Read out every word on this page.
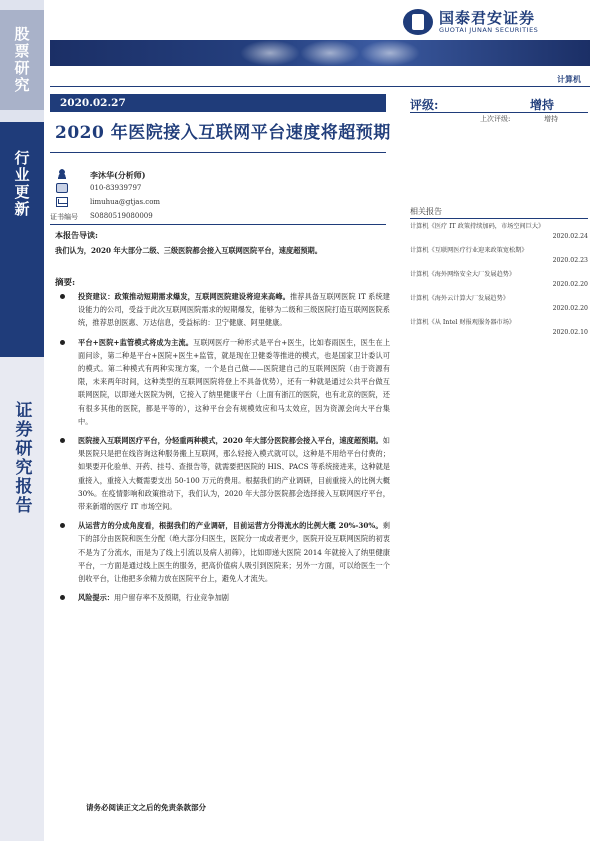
股票研究
行业更新
证券研究报告
国泰君安证券
GUOTAI JUNAN SECURITIES
计算机
2020.02.27
2020 年医院接入互联网平台速度将超预期
评级:	增持
上次评级:	增持
李沐华(分析师)
010-83939797
limuhua@gtjas.com
证书编号 S0880519080009
本报告导读:
我们认为，2020 年大部分二级、三级医院都会接入互联网医院平台，速度超预期。
摘要:
投资建议：政策推动短期需求爆发，互联网医院建设将迎来高峰。推荐具备互联网医院 IT 系统建设能力的公司，受益于此次互联网医院需求的短期爆发，能够为二级和三级医院打造互联网医院系统，推荐思创医惠、万达信息，受益标的：卫宁健康、阿里健康。
平台+医院+监管模式将成为主流。互联网医疗一种形式是平台+医生，比如春雨医生，医生在上面问诊，第二种是平台+医院+医生+监管，就是现在卫健委等推进的模式，也是国家卫计委认可的模式。第二种模式有两种实现方案，一个是自己做——医院建自己的互联网医院（由于资源有限，未来两年时间，这种类型的互联网医院将登上不具备优势），还有一种就是通过公共平台做互联网医院，以即递大医院为例，它接入了纳里健康平台（上面有浙江的医院，也有北京的医院，还有很多其他的医院，都是平等的），这种平台会有规模效应和马太效应，因为资源会向大平台集中。
医院接入互联网医疗平台，分轻重两种模式，2020 年大部分医院都会接入平台，速度超预期。如果医院只是把在线咨询这种服务搬上互联网，那么轻接入模式就可以，这种是不用给平台付费的；如果要开化验单、开药、挂号、查报告等，就需要把医院的 HIS、PACS 等系统接进来，这种就是重接入，重接入大概需要支出 50-100 万元的费用。根据我们的产业调研，目前重接入的比例大概 30%。在疫情影响和政策推动下，我们认为，2020 年大部分医院都会选择接入互联网医疗平台，带来新增的医疗 IT 市场空间。
从运营方的分成角度看，根据我们的产业调研，目前运营方分得流水的比例大概 20%-30%。剩下的部分由医院和医生分配（绝大部分归医生，医院分一成或者更少，医院开设互联网医院的初衷不是为了分流水，而是为了线上引流以及病人初筛），比如即递大医院 2014 年就接入了纳里健康平台，一方面是通过线上医生的服务，把高价值病人吸引到医院来；另外一方面，可以给医生一个创收平台，让他把多余精力放在医院平台上，避免人才流失。
风险提示：用户留存率不及预期，行业竞争加剧
相关报告
计算机《医疗 IT 政策持续加码，市场空间巨大》
2020.02.24
计算机《互联网医疗行业迎来政策宽松期》
2020.02.23
计算机《海外网络安全大厂发展趋势》
2020.02.20
计算机《海外云计算大厂发展趋势》
2020.02.20
计算机《从 Intel 财报观服务器市场》
2020.02.10
请务必阅读正文之后的免责条款部分
